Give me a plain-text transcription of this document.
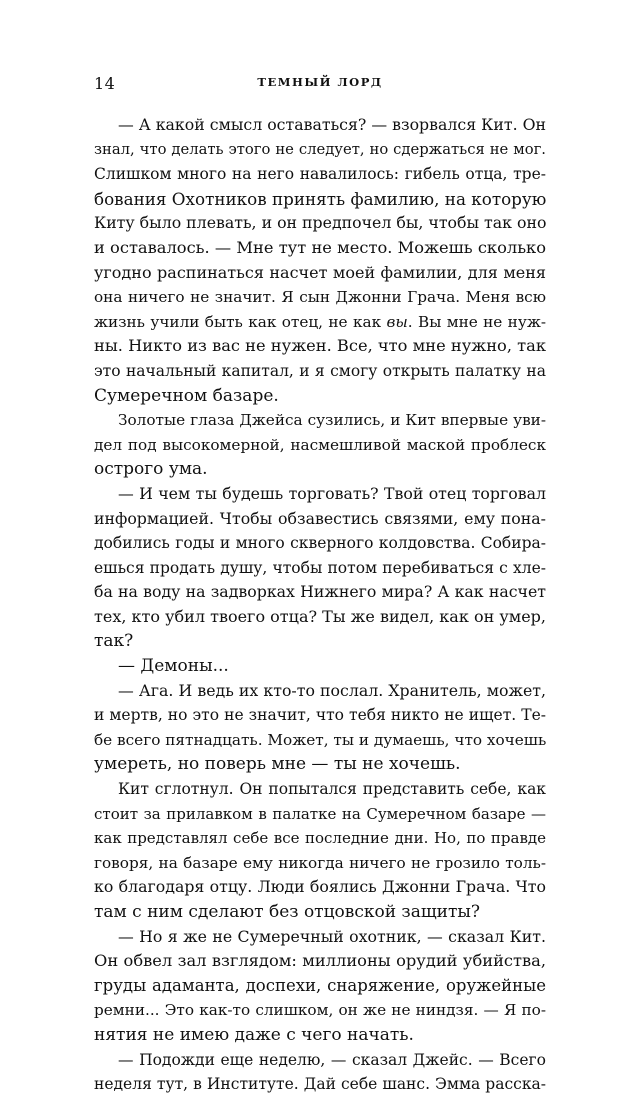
14	ТЕМНЫЙ ЛОРД
— А какой смысл оставаться? — взорвался Кит. Он
знал, что делать этого не следует, но сдержаться не мог.
Слишком много на него навалилось: гибель отца, тре-
бования Охотников принять фамилию, на которую
Киту было плевать, и он предпочел бы, чтобы так оно
и оставалось. — Мне тут не место. Можешь сколько
угодно распинаться насчет моей фамилии, для меня
она ничего не значит. Я сын Джонни Грача. Меня всю
жизнь учили быть как отец, не как вы. Вы мне не нуж-
ны. Никто из вас не нужен. Все, что мне нужно, так
это начальный капитал, и я смогу открыть палатку на
Сумеречном базаре.
Золотые глаза Джейса сузились, и Кит впервые уви-
дел под высокомерной, насмешливой маской проблеск
острого ума.
— И чем ты будешь торговать? Твой отец торговал
информацией. Чтобы обзавестись связями, ему пона-
добились годы и много скверного колдовства. Собира-
ешься продать душу, чтобы потом перебиваться с хле-
ба на воду на задворках Нижнего мира? А как насчет
тех, кто убил твоего отца? Ты же видел, как он умер,
так?
— Демоны...
— Ага. И ведь их кто-то послал. Хранитель, может,
и мертв, но это не значит, что тебя никто не ищет. Те-
бе всего пятнадцать. Может, ты и думаешь, что хочешь
умереть, но поверь мне — ты не хочешь.
Кит сглотнул. Он попытался представить себе, как
стоит за прилавком в палатке на Сумеречном базаре —
как представлял себе все последние дни. Но, по правде
говоря, на базаре ему никогда ничего не грозило толь-
ко благодаря отцу. Люди боялись Джонни Грача. Что
там с ним сделают без отцовской защиты?
— Но я же не Сумеречный охотник, — сказал Кит.
Он обвел зал взглядом: миллионы орудий убийства,
груды адаманта, доспехи, снаряжение, оружейные
ремни... Это как-то слишком, он же не ниндзя. — Я по-
нятия не имею даже с чего начать.
— Подожди еще неделю, — сказал Джейс. — Всего
неделя тут, в Институте. Дай себе шанс. Эмма расска-
